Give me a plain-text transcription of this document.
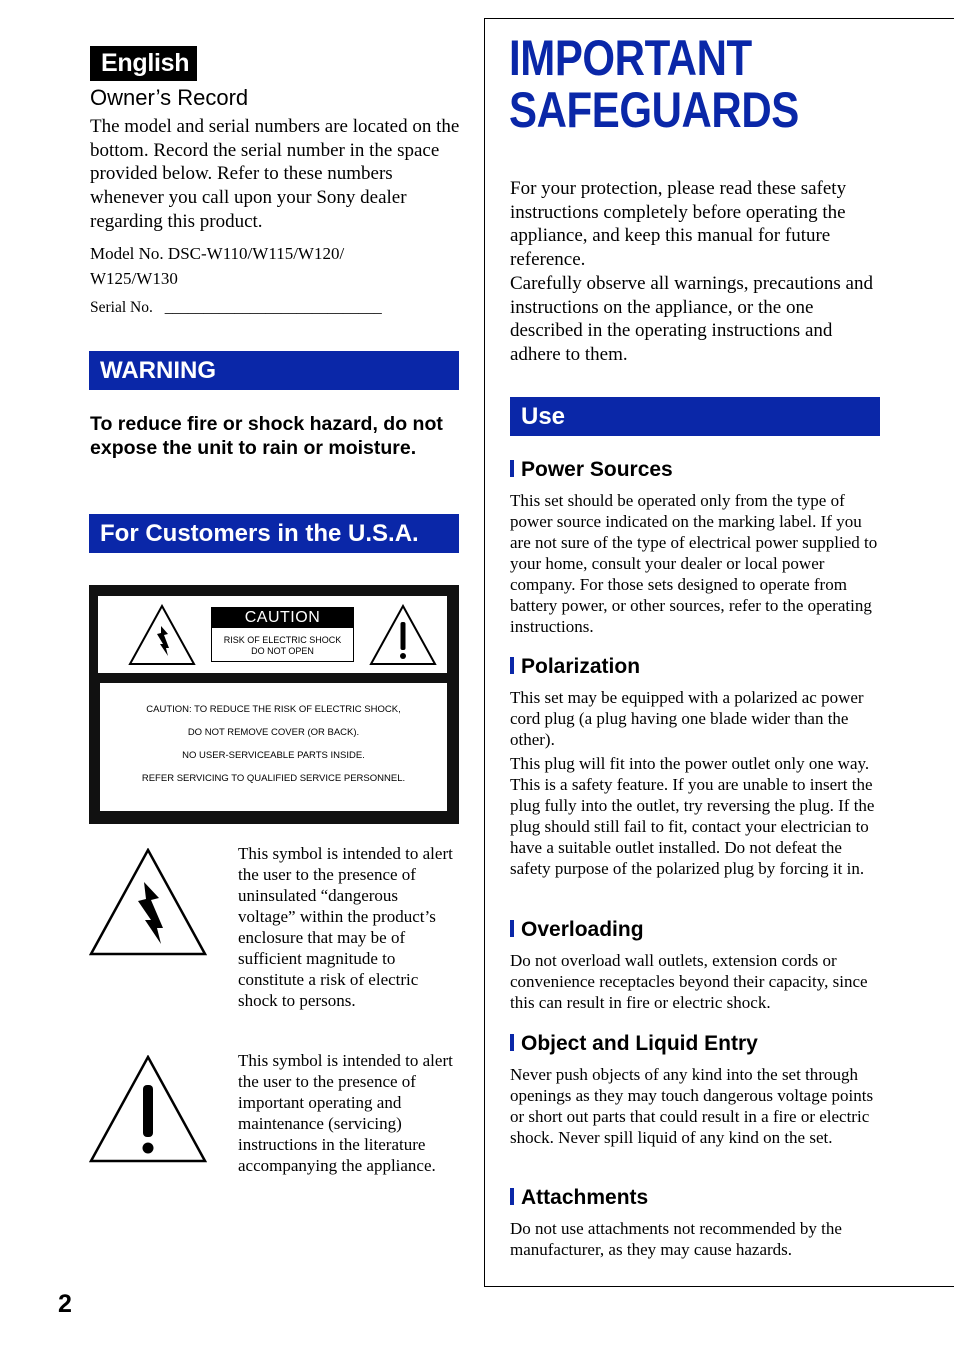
English
Owner’s Record
The model and serial numbers are located on the bottom. Record the serial number in the space provided below. Refer to these numbers whenever you call upon your Sony dealer regarding this product.
Model No. DSC-W110/W115/W120/
W125/W130
Serial No. ____________________________
WARNING
To reduce fire or shock hazard, do not expose the unit to rain or moisture.
For Customers in the U.S.A.
CAUTION
RISK OF ELECTRIC SHOCK
DO NOT OPEN
CAUTION: TO REDUCE THE RISK OF ELECTRIC SHOCK,
DO NOT REMOVE COVER (OR BACK).
NO USER-SERVICEABLE PARTS INSIDE.
REFER SERVICING TO QUALIFIED SERVICE PERSONNEL.
This symbol is intended to alert the user to the presence of uninsulated “dangerous voltage” within the product’s enclosure that may be of sufficient magnitude to constitute a risk of electric shock to persons.
This symbol is intended to alert the user to the presence of important operating and maintenance (servicing) instructions in the literature accompanying the appliance.
IMPORTANT
SAFEGUARDS
For your protection, please read these safety instructions completely before operating the appliance, and keep this manual for future reference.
Carefully observe all warnings, precautions and instructions on the appliance, or the one described in the operating instructions and adhere to them.
Use
Power Sources
This set should be operated only from the type of power source indicated on the marking label. If you are not sure of the type of electrical power supplied to your home, consult your dealer or local power company. For those sets designed to operate from battery power, or other sources, refer to the operating instructions.
Polarization
This set may be equipped with a polarized ac power cord plug (a plug having one blade wider than the other).
This plug will fit into the power outlet only one way. This is a safety feature. If you are unable to insert the plug fully into the outlet, try reversing the plug. If the plug should still fail to fit, contact your electrician to have a suitable outlet installed. Do not defeat the safety purpose of the polarized plug by forcing it in.
Overloading
Do not overload wall outlets, extension cords or convenience receptacles beyond their capacity, since this can result in fire or electric shock.
Object and Liquid Entry
Never push objects of any kind into the set through openings as they may touch dangerous voltage points or short out parts that could result in a fire or electric shock. Never spill liquid of any kind on the set.
Attachments
Do not use attachments not recommended by the manufacturer, as they may cause hazards.
2
